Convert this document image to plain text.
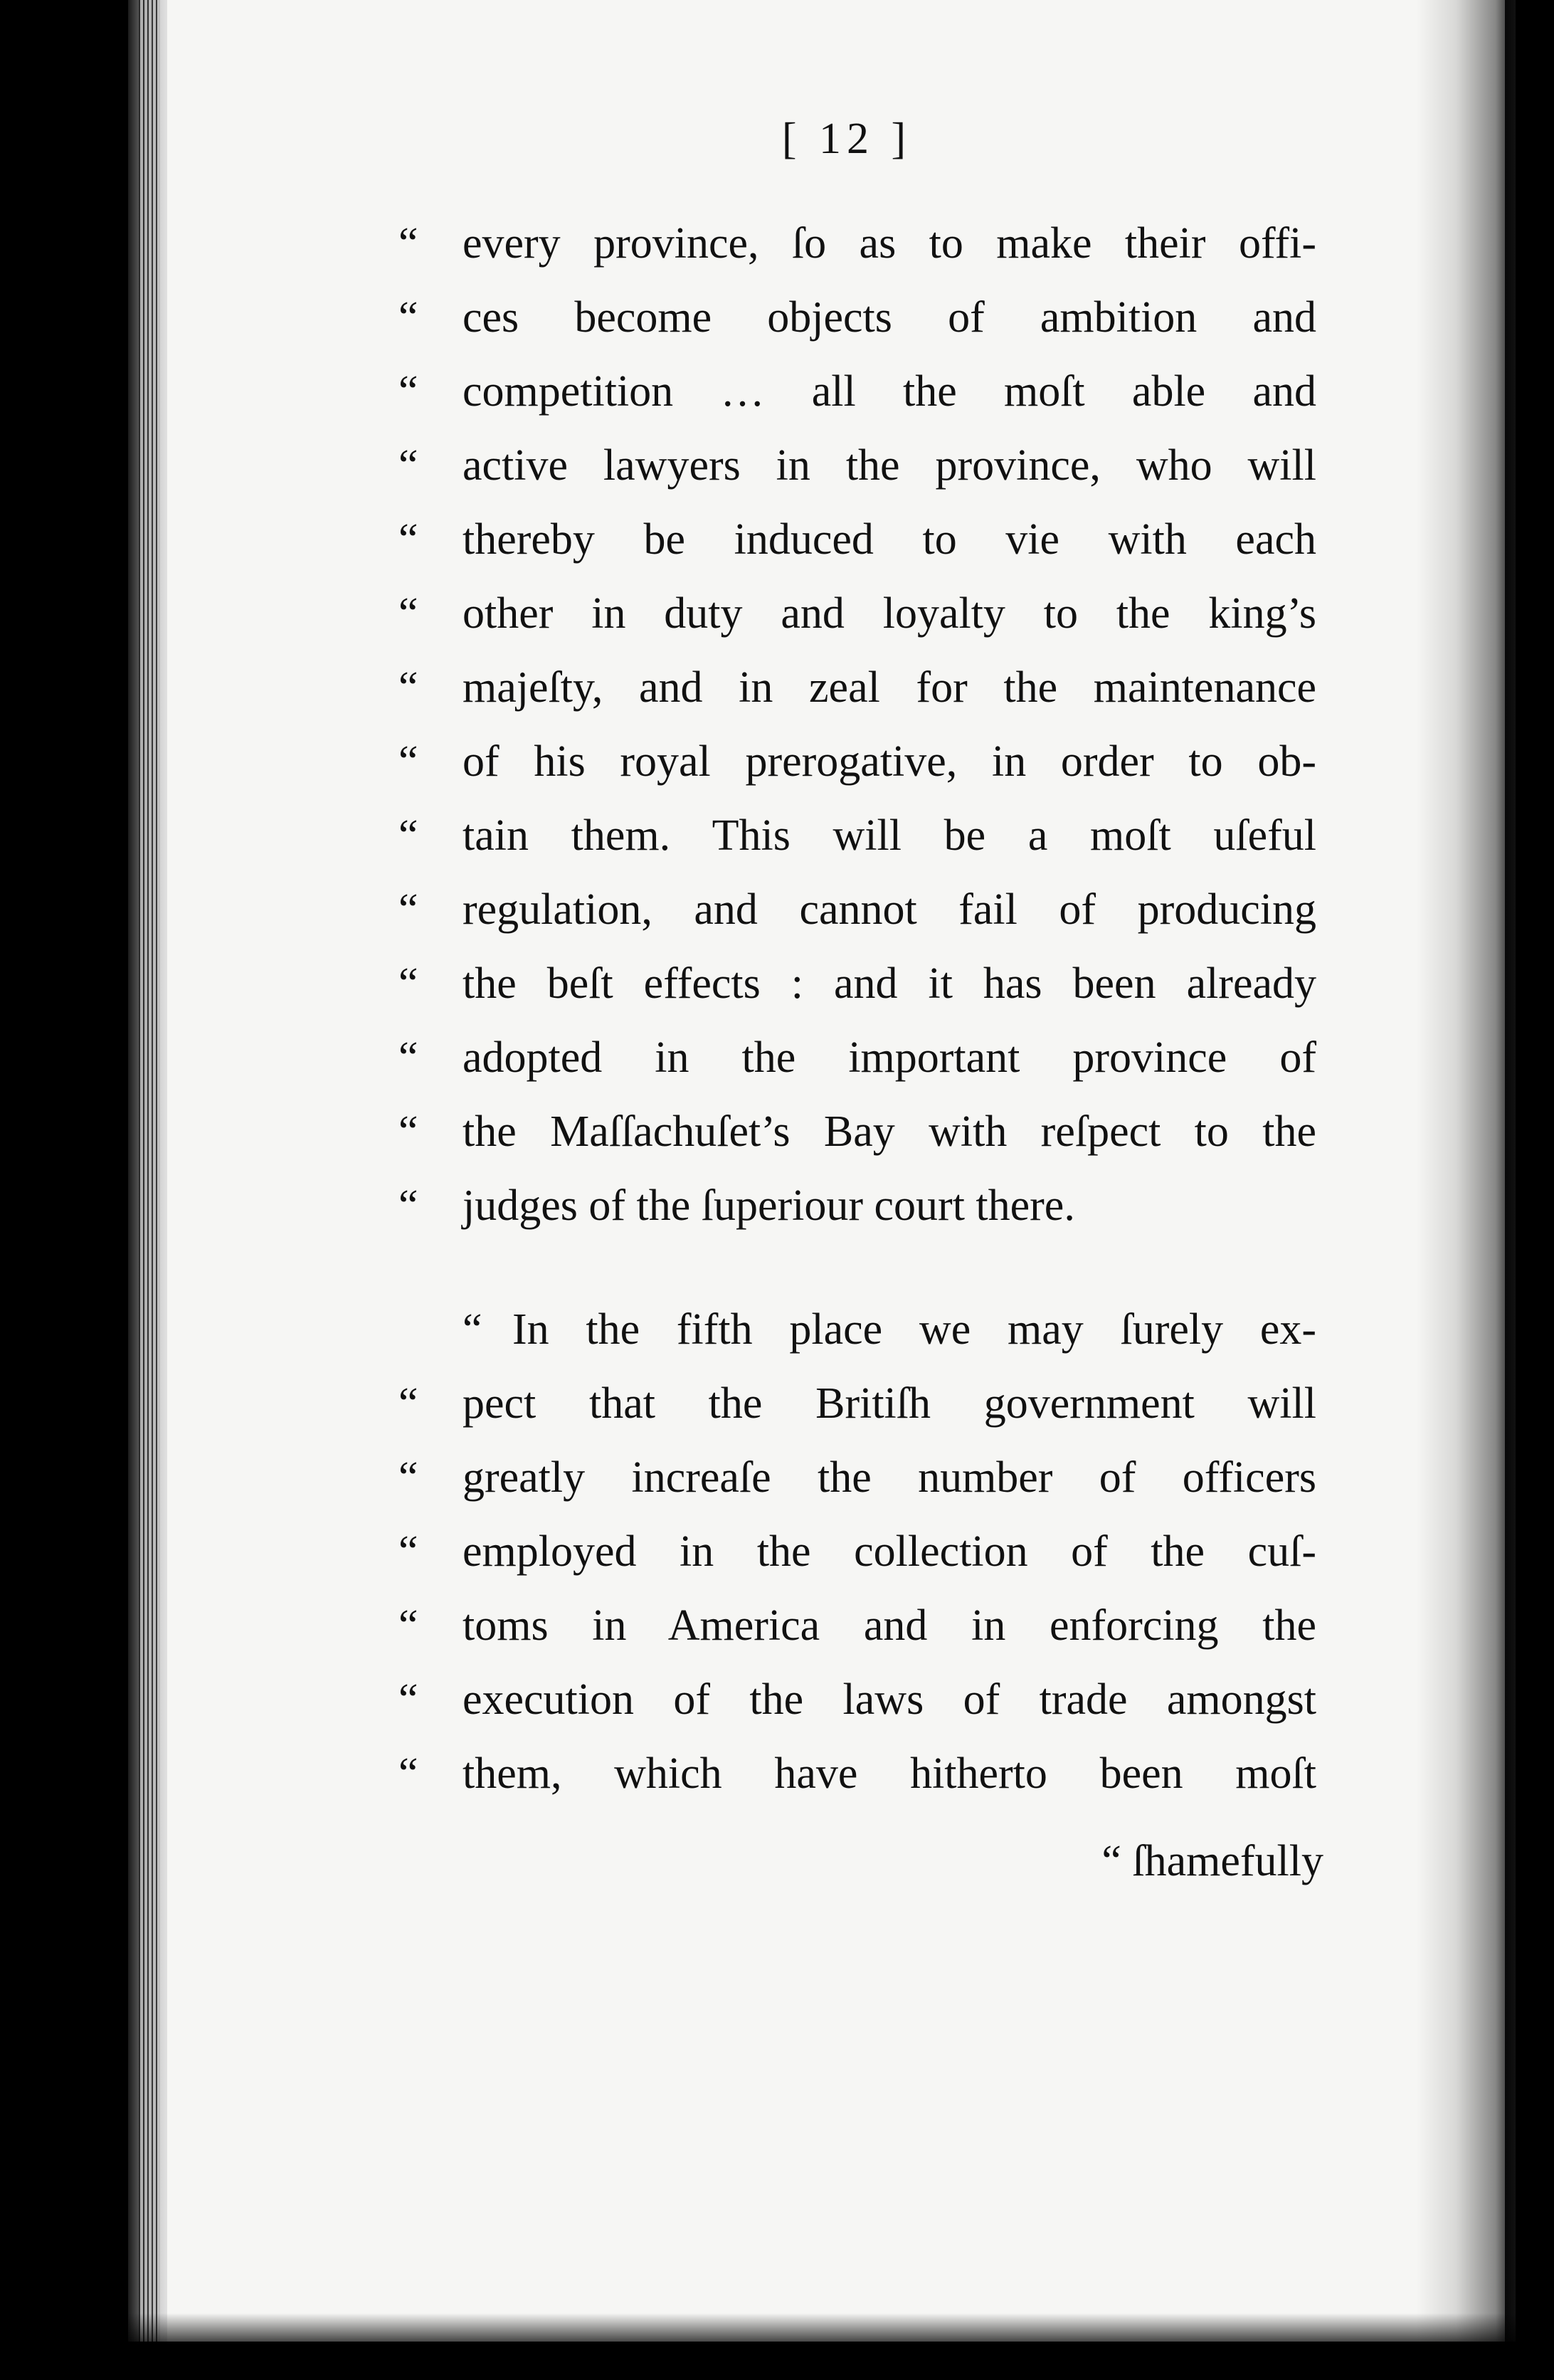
[ 12 ]
“	every province, ſo as to make their offi-
“	ces become objects of ambition and
“	competition … all the moſt able and
“	active lawyers in the province, who will
“	thereby be induced to vie with each
“	other in duty and loyalty to the king’s
“	majeſty, and in zeal for the maintenance
“	of his royal prerogative, in order to ob-
“	tain them. This will be a moſt uſeful
“	regulation, and cannot fail of producing
“	the beſt effects : and it has been already
“	adopted in the important province of
“	the Maſſachuſet’s Bay with reſpect to the
“	judges of the ſuperiour court there.
“ In the fifth place we may ſurely ex-
“	pect that the Britiſh government will
“	greatly increaſe the number of officers
“	employed in the collection of the cuſ-
“	toms in America and in enforcing the
“	execution of the laws of trade amongst
“	them, which have hitherto been moſt
“ ſhamefully
